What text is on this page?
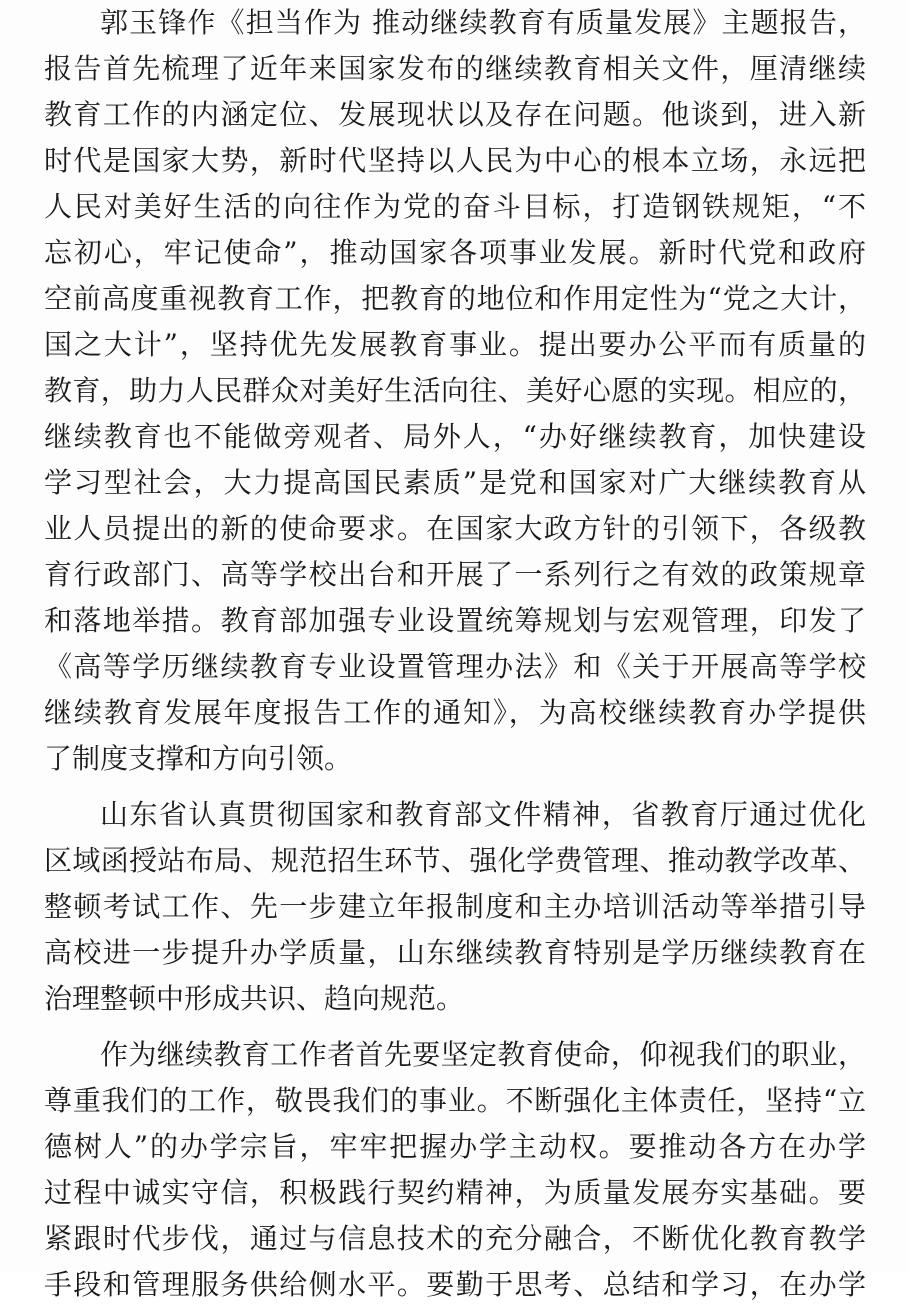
郭玉锋作《担当作为 推动继续教育有质量发展》主题报告，
报告首先梳理了近年来国家发布的继续教育相关文件，厘清继续
教育工作的内涵定位、发展现状以及存在问题。他谈到，进入新
时代是国家大势，新时代坚持以人民为中心的根本立场，永远把
人民对美好生活的向往作为党的奋斗目标，打造钢铁规矩，“不
忘初心，牢记使命”，推动国家各项事业发展。新时代党和政府
空前高度重视教育工作，把教育的地位和作用定性为“党之大计，
国之大计”，坚持优先发展教育事业。提出要办公平而有质量的
教育，助力人民群众对美好生活向往、美好心愿的实现。相应的，
继续教育也不能做旁观者、局外人，“办好继续教育，加快建设
学习型社会，大力提高国民素质”是党和国家对广大继续教育从
业人员提出的新的使命要求。在国家大政方针的引领下，各级教
育行政部门、高等学校出台和开展了一系列行之有效的政策规章
和落地举措。教育部加强专业设置统筹规划与宏观管理，印发了
《高等学历继续教育专业设置管理办法》和《关于开展高等学校
继续教育发展年度报告工作的通知》，为高校继续教育办学提供
了制度支撑和方向引领。
山东省认真贯彻国家和教育部文件精神，省教育厅通过优化
区域函授站布局、规范招生环节、强化学费管理、推动教学改革、
整顿考试工作、先一步建立年报制度和主办培训活动等举措引导
高校进一步提升办学质量，山东继续教育特别是学历继续教育在
治理整顿中形成共识、趋向规范。
作为继续教育工作者首先要坚定教育使命，仰视我们的职业，
尊重我们的工作，敬畏我们的事业。不断强化主体责任，坚持“立
德树人”的办学宗旨，牢牢把握办学主动权。要推动各方在办学
过程中诚实守信，积极践行契约精神，为质量发展夯实基础。要
紧跟时代步伐，通过与信息技术的充分融合，不断优化教育教学
手段和管理服务供给侧水平。要勤于思考、总结和学习，在办学
